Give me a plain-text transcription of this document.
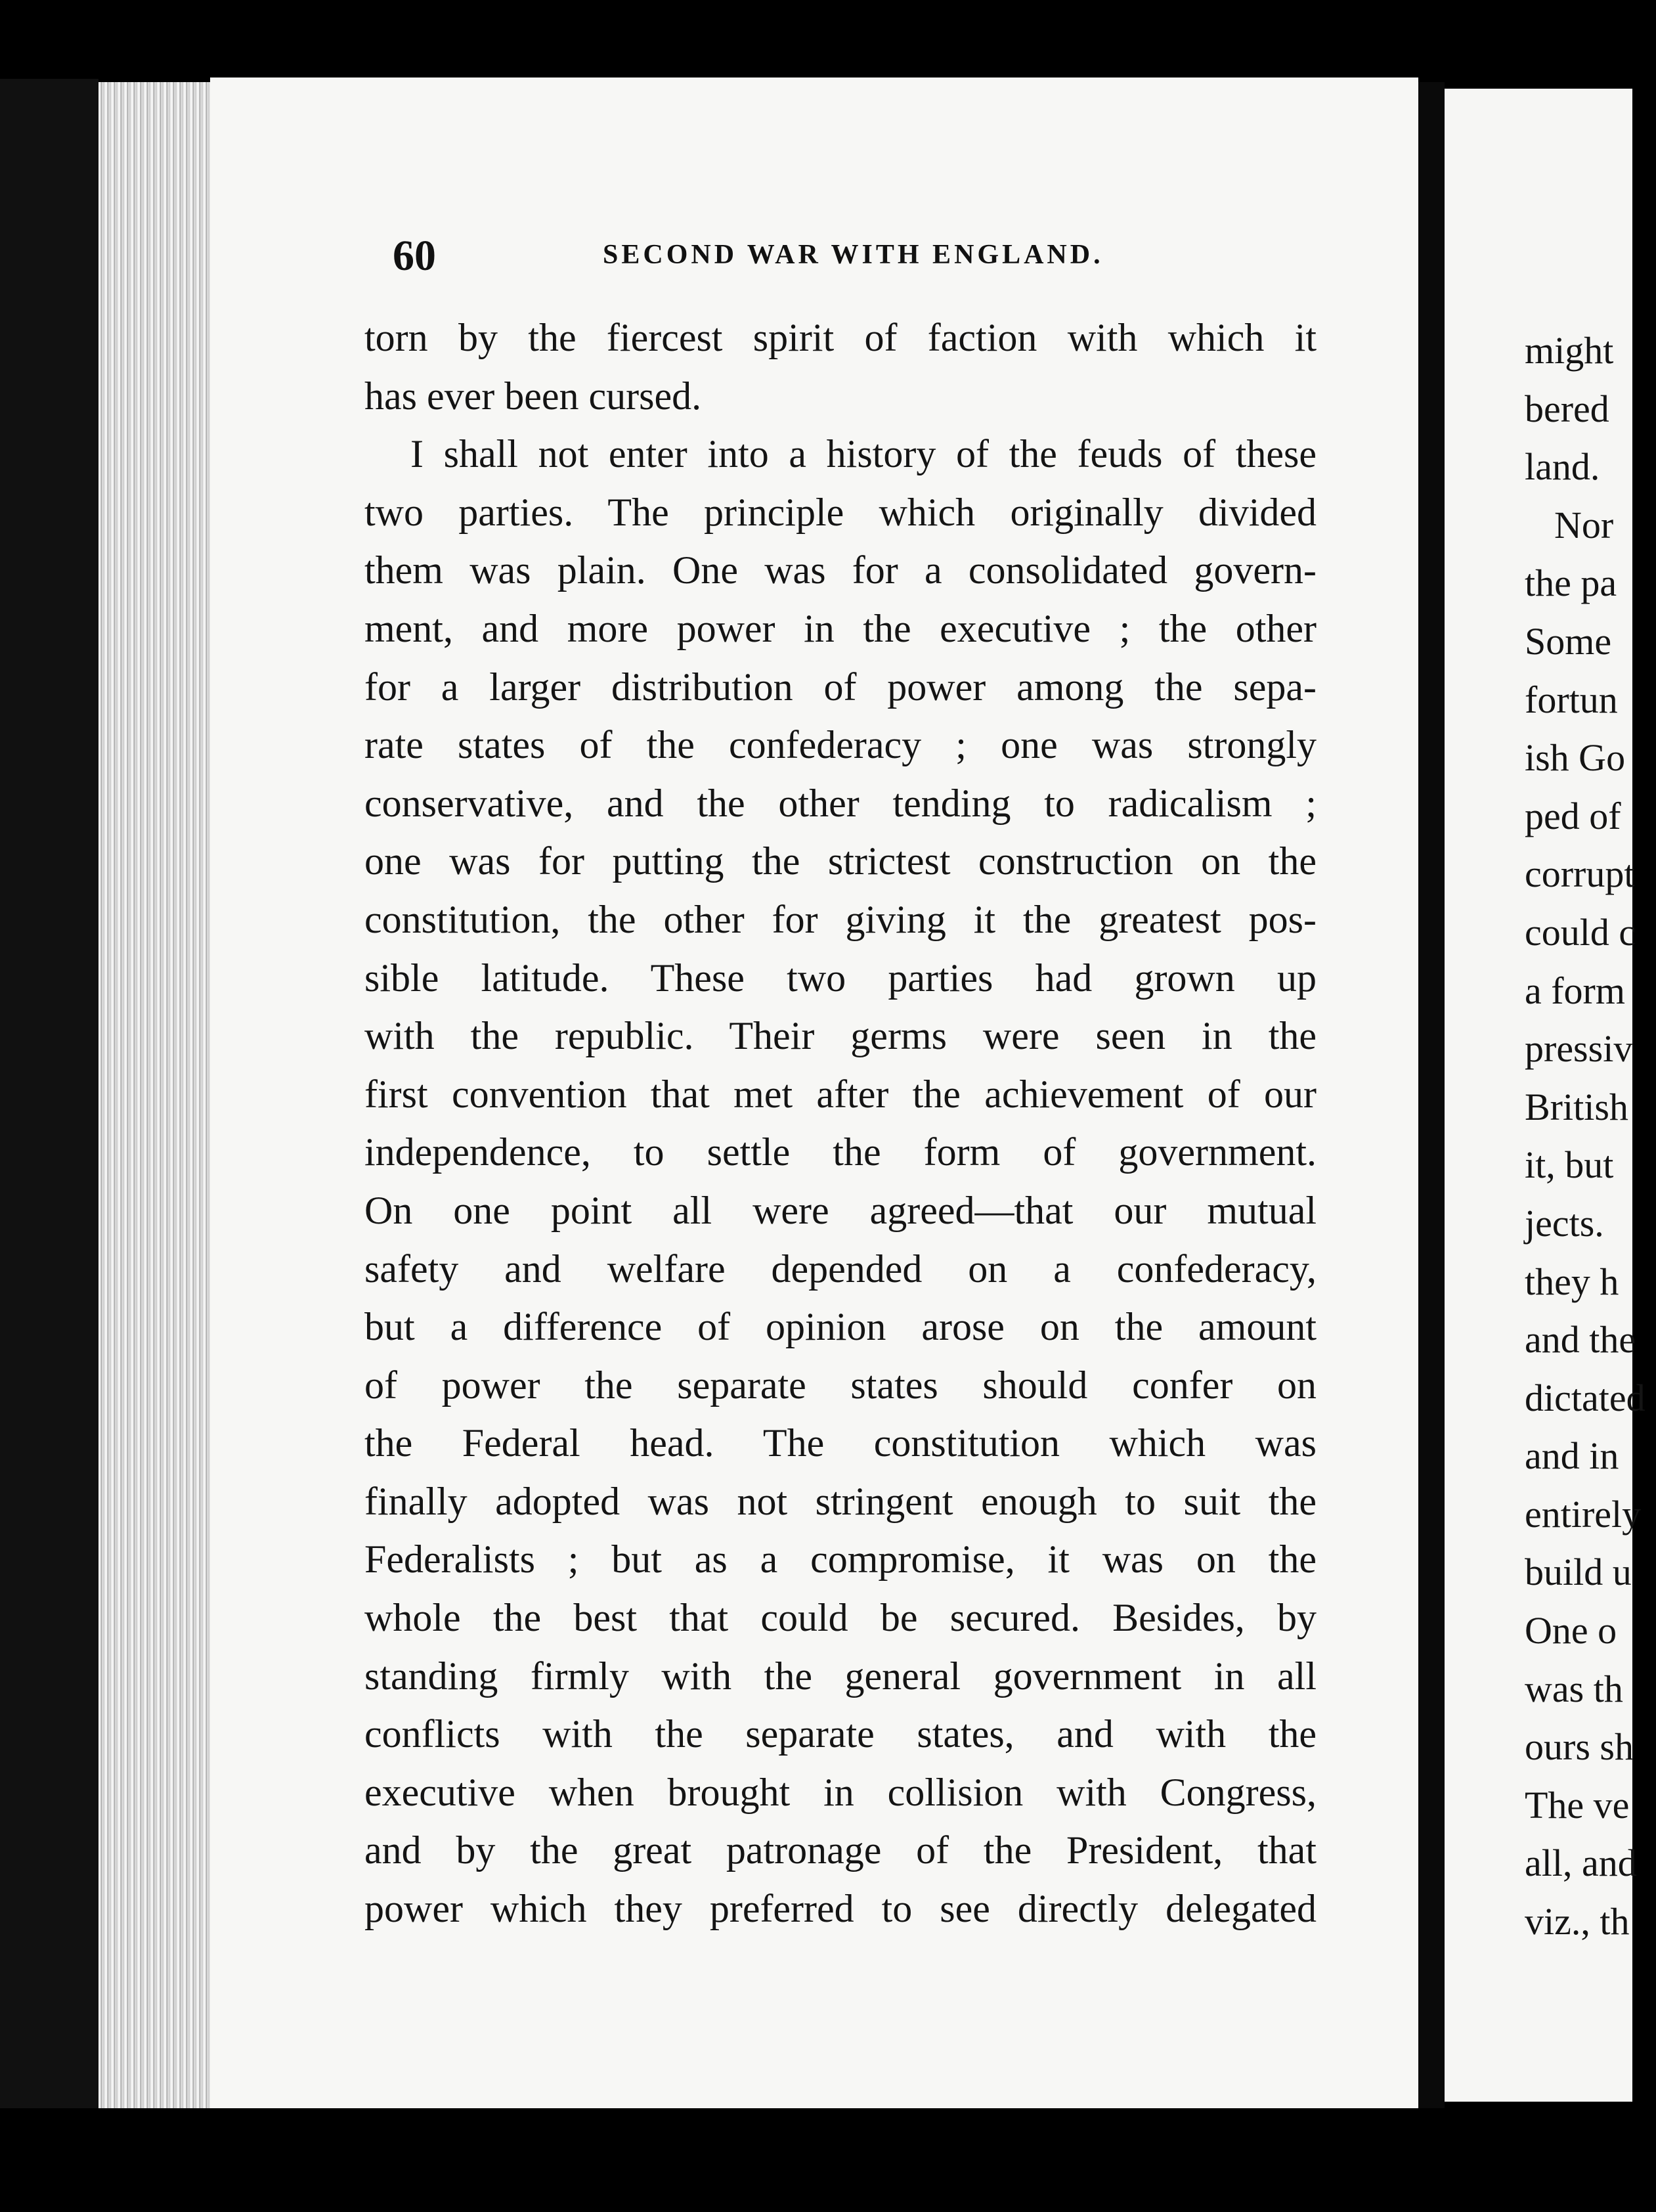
60	SECOND WAR WITH ENGLAND.
torn by the fiercest spirit of faction with which it
has ever been cursed.
I shall not enter into a history of the feuds of these
two parties. The principle which originally divided
them was plain. One was for a consolidated govern-
ment, and more power in the executive ; the other
for a larger distribution of power among the sepa-
rate states of the confederacy ; one was strongly
conservative, and the other tending to radicalism ;
one was for putting the strictest construction on the
constitution, the other for giving it the greatest pos-
sible latitude. These two parties had grown up
with the republic. Their germs were seen in the
first convention that met after the achievement of our
independence, to settle the form of government.
On one point all were agreed—that our mutual
safety and welfare depended on a confederacy,
but a difference of opinion arose on the amount
of power the separate states should confer on
the Federal head. The constitution which was
finally adopted was not stringent enough to suit the
Federalists ; but as a compromise, it was on the
whole the best that could be secured. Besides, by
standing firmly with the general government in all
conflicts with the separate states, and with the
executive when brought in collision with Congress,
and by the great patronage of the President, that
power which they preferred to see directly delegated
might
bered
land.
Nor
the pa
Some
fortun
ish Go
ped of
corrupt
could c
a form
pressiv
British
it, but
jects.
they h
and the
dictated
and in
entirely
build u
One o
was th
ours sh
The ve
all, and
viz., th
